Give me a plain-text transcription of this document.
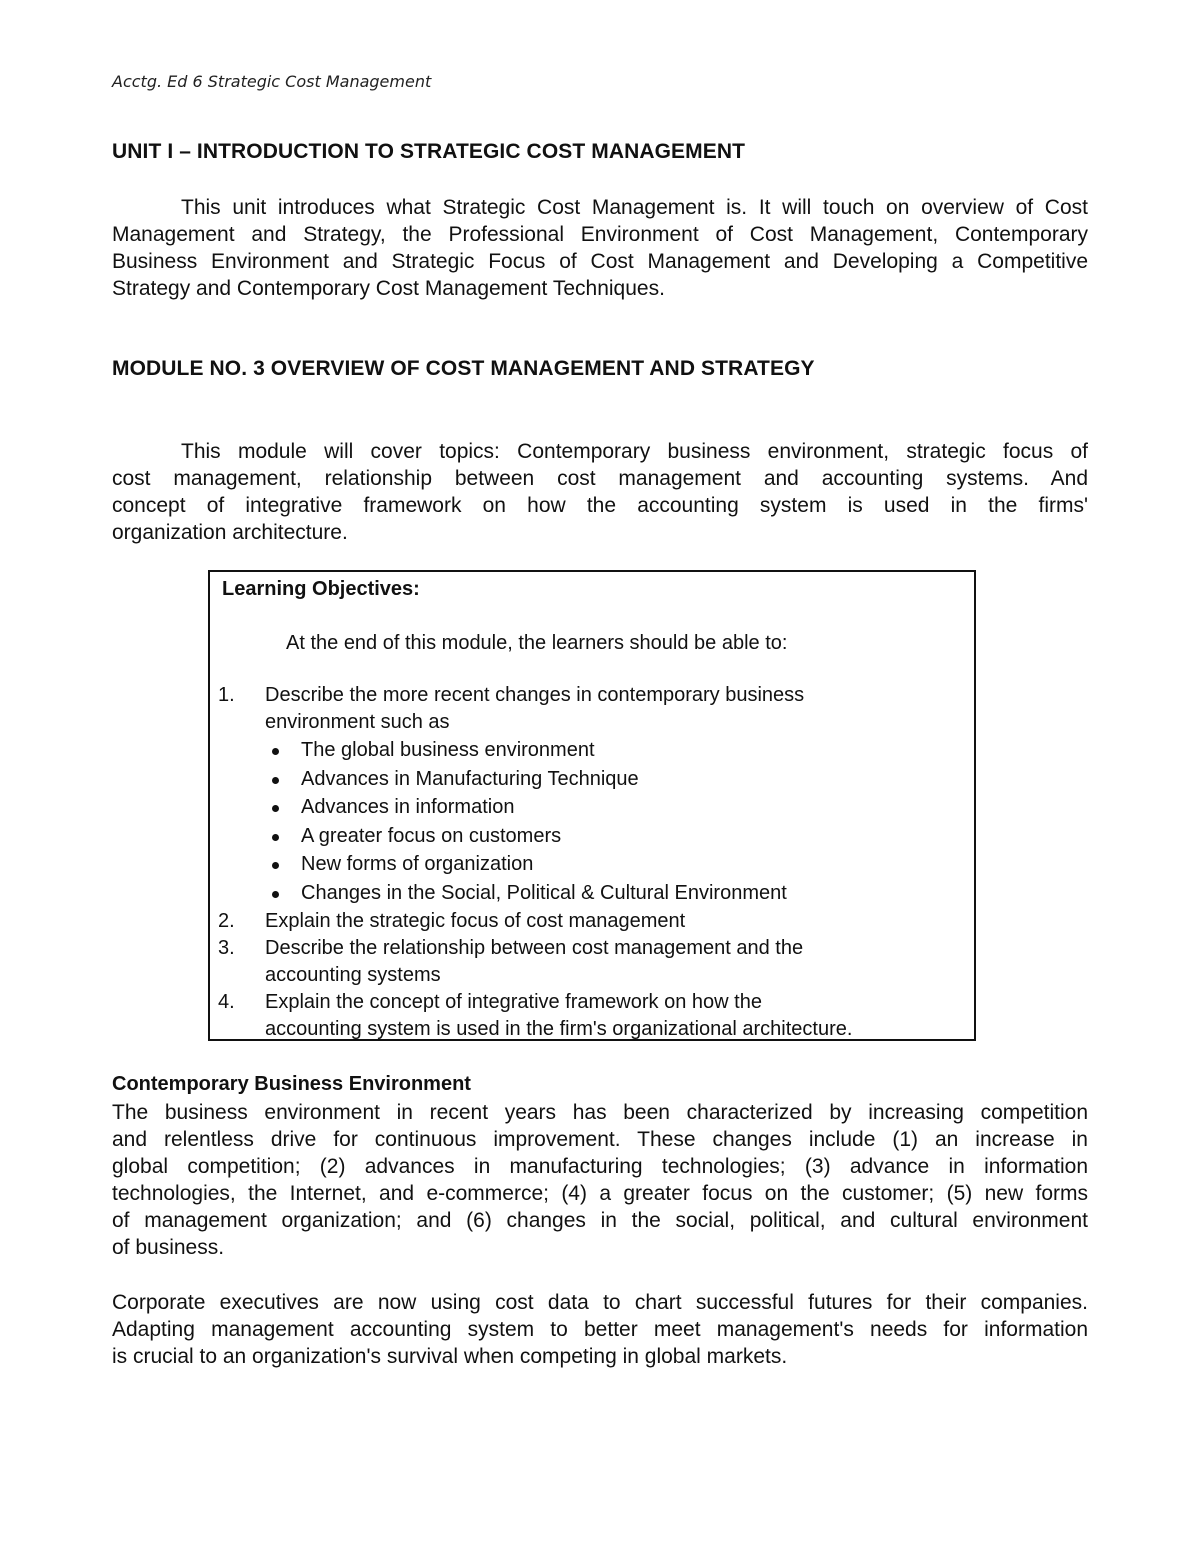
Acctg. Ed 6 Strategic Cost Management
UNIT I – INTRODUCTION TO STRATEGIC COST MANAGEMENT
This unit introduces what Strategic Cost Management is. It will touch on overview of Cost
Management and Strategy, the Professional Environment of Cost Management, Contemporary
Business Environment and Strategic Focus of Cost Management and Developing a Competitive
Strategy and Contemporary Cost Management Techniques.
MODULE NO. 3 OVERVIEW OF COST MANAGEMENT AND STRATEGY
This module will cover topics: Contemporary business environment, strategic focus of
cost management, relationship between cost management and accounting systems. And
concept of integrative framework on how the accounting system is used in the firms'
organization architecture.
Learning Objectives:
At the end of this module, the learners should be able to:
1. Describe the more recent changes in contemporary business
environment such as
The global business environment
Advances in Manufacturing Technique
Advances in information
A greater focus on customers
New forms of organization
Changes in the Social, Political & Cultural Environment
2. Explain the strategic focus of cost management
3. Describe the relationship between cost management and the
accounting systems
4. Explain the concept of integrative framework on how the
accounting system is used in the firm's organizational architecture.
Contemporary Business Environment
The business environment in recent years has been characterized by increasing competition
and relentless drive for continuous improvement. These changes include (1) an increase in
global competition; (2) advances in manufacturing technologies; (3) advance in information
technologies, the Internet, and e-commerce; (4) a greater focus on the customer; (5) new forms
of management organization; and (6) changes in the social, political, and cultural environment
of business.
Corporate executives are now using cost data to chart successful futures for their companies.
Adapting management accounting system to better meet management's needs for information
is crucial to an organization's survival when competing in global markets.
